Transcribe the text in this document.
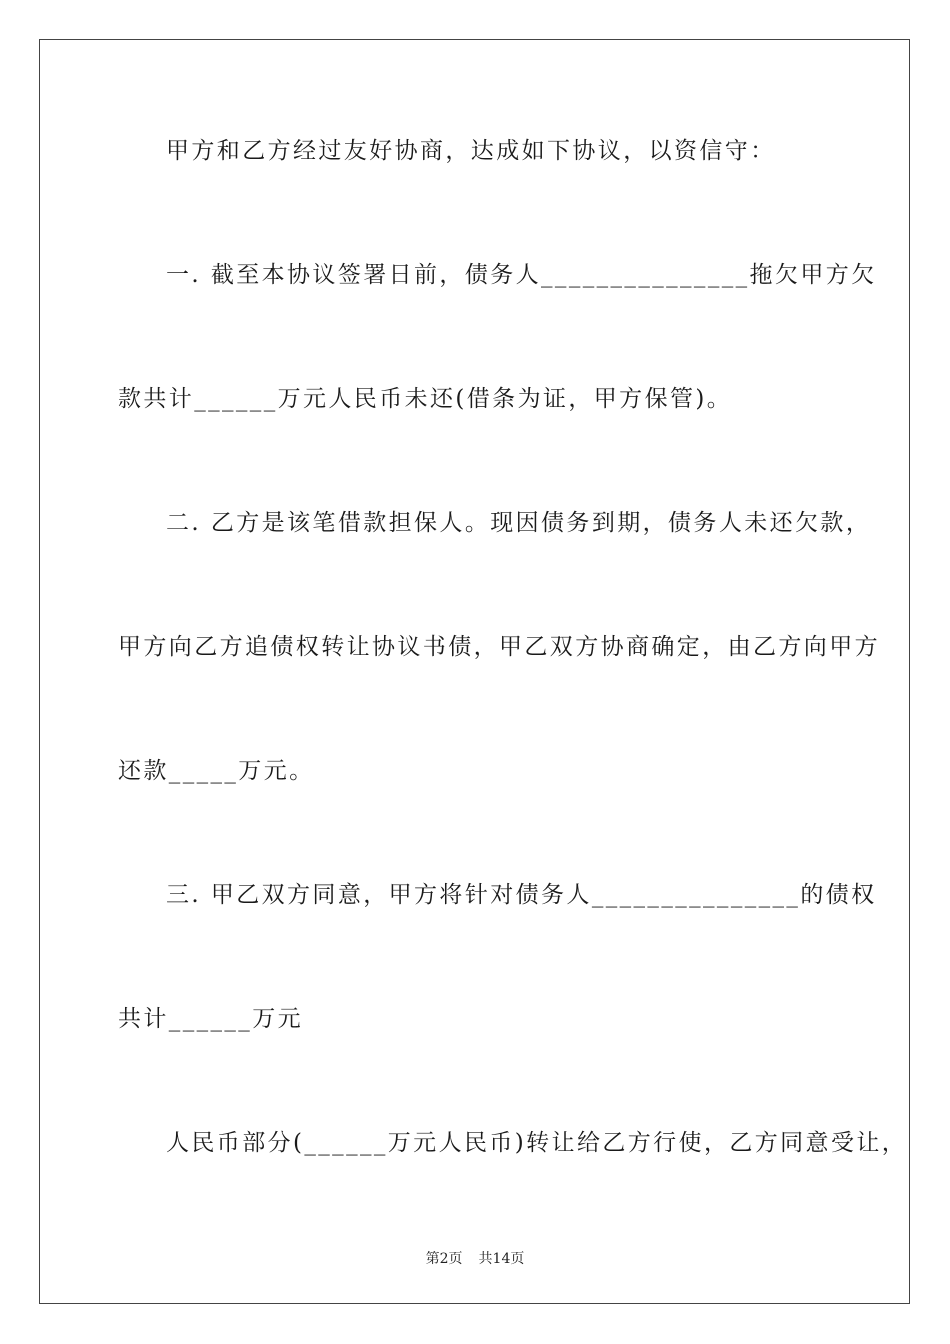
甲方和乙方经过友好协商，达成如下协议，以资信守：
一. 截至本协议签署日前，债务人_______________拖欠甲方欠
款共计______万元人民币未还(借条为证，甲方保管)。
二. 乙方是该笔借款担保人。现因债务到期，债务人未还欠款，
甲方向乙方追债权转让协议书债，甲乙双方协商确定，由乙方向甲方
还款_____万元。
三. 甲乙双方同意，甲方将针对债务人_______________的债权
共计______万元
人民币部分(______万元人民币)转让给乙方行使，乙方同意受让，
第2页 共14页
